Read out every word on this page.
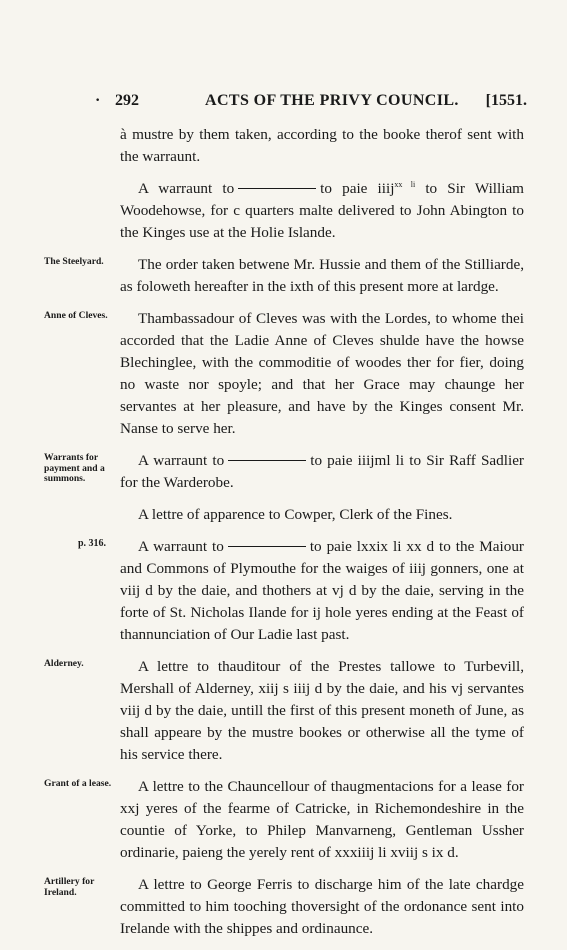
· 292	ACTS OF THE PRIVY COUNCIL. [1551.

à mustre by them taken, according to the booke therof sent with the warraunt.

A warraunt to	to paie iiij$^{xx li}$ to Sir William Woodehowse, for c quarters malte delivered to John Abington to the Kinges use at the Holie Islande.

The Steelyard.	The order taken betwene Mr. Hussie and them of the Stilliarde, as foloweth hereafter in the ixth of this present more at lardge.

Anne of Cleves.	Thambassadour of Cleves was with the Lordes, to whome thei accorded that the Ladie Anne of Cleves shulde have the howse Blechinglee, with the commoditie of woodes ther for fier, doing no waste nor spoyle; and that her Grace may chaunge her servantes at her pleasure, and have by the Kinges consent Mr. Nanse to serve her.

Warrants for payment and a summons.

A warraunt to	to paie iiijml li to Sir Raff Sadlier for the Warderobe.

A lettre of apparence to Cowper, Clerk of the Fines.

p. 316.	A warraunt to	to paie lxxix li xx d to the Maiour and Commons of Plymouthe for the waiges of iiij gonners, one at viij d by the daie, and thothers at vj d by the daie, serving in the forte of St. Nicholas Ilande for ij hole yeres ending at the Feast of thannunciation of Our Ladie last past.

Alderney.	A lettre to thauditour of the Prestes tallowe to Turbevill, Mershall of Alderney, xiij s iiij d by the daie, and his vj servantes viij d by the daie, untill the first of this present moneth of June, as shall appeare by the mustre bookes or otherwise all the tyme of his service there.

Grant of a lease.	A lettre to the Chauncellour of thaugmentacions for a lease for xxj yeres of the fearme of Catricke, in Richemondeshire in the countie of Yorke, to Philep Manvarneng, Gentleman Ussher ordinarie, paieng the yerely rent of xxxiiij li xviij s ix d.

Artillery for Ireland.	A lettre to George Ferris to discharge him of the late chardge committed to him tooching thoversight of the ordonance sent into Irelande with the shippes and ordinaunce.
